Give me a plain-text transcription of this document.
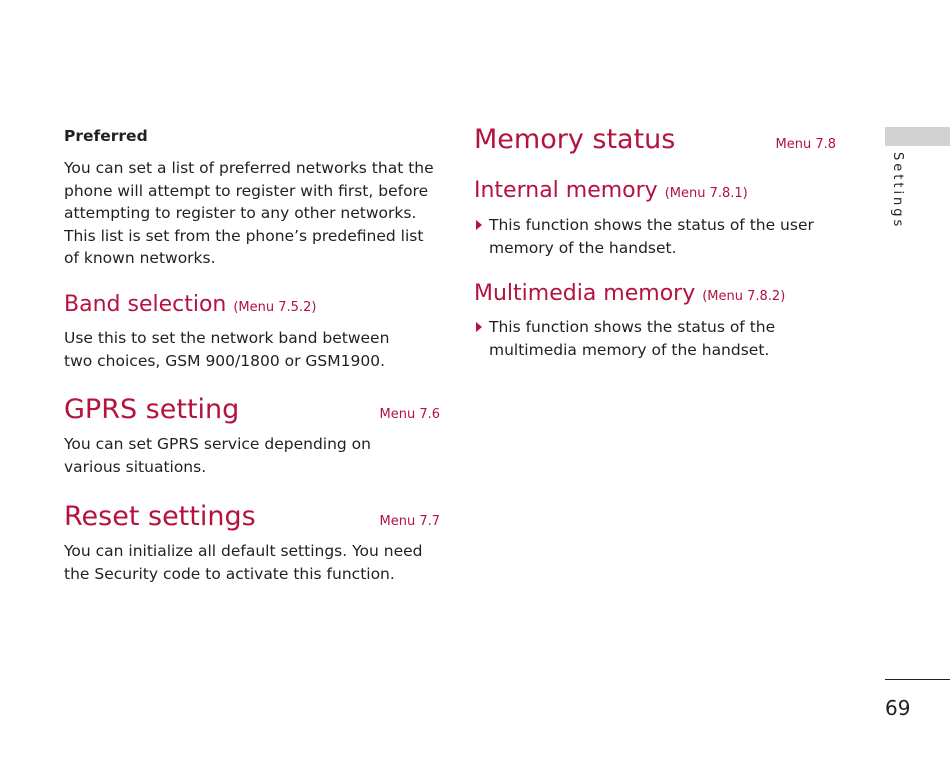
Preferred

You can set a list of preferred networks that the phone will attempt to register with first, before attempting to register to any other networks. This list is set from the phone’s predefined list of known networks.

Band selection (Menu 7.5.2)

Use this to set the network band between two choices, GSM 900/1800 or GSM1900.

GPRS setting	Menu 7.6

You can set GPRS service depending on various situations.

Reset settings	Menu 7.7

You can initialize all default settings. You need the Security code to activate this function.

Memory status	Menu 7.8
Internal memory (Menu 7.8.1)

This function shows the status of the user memory of the handset.

Multimedia memory (Menu 7.8.2)

This function shows the status of the multimedia memory of the handset.

Settings
69
